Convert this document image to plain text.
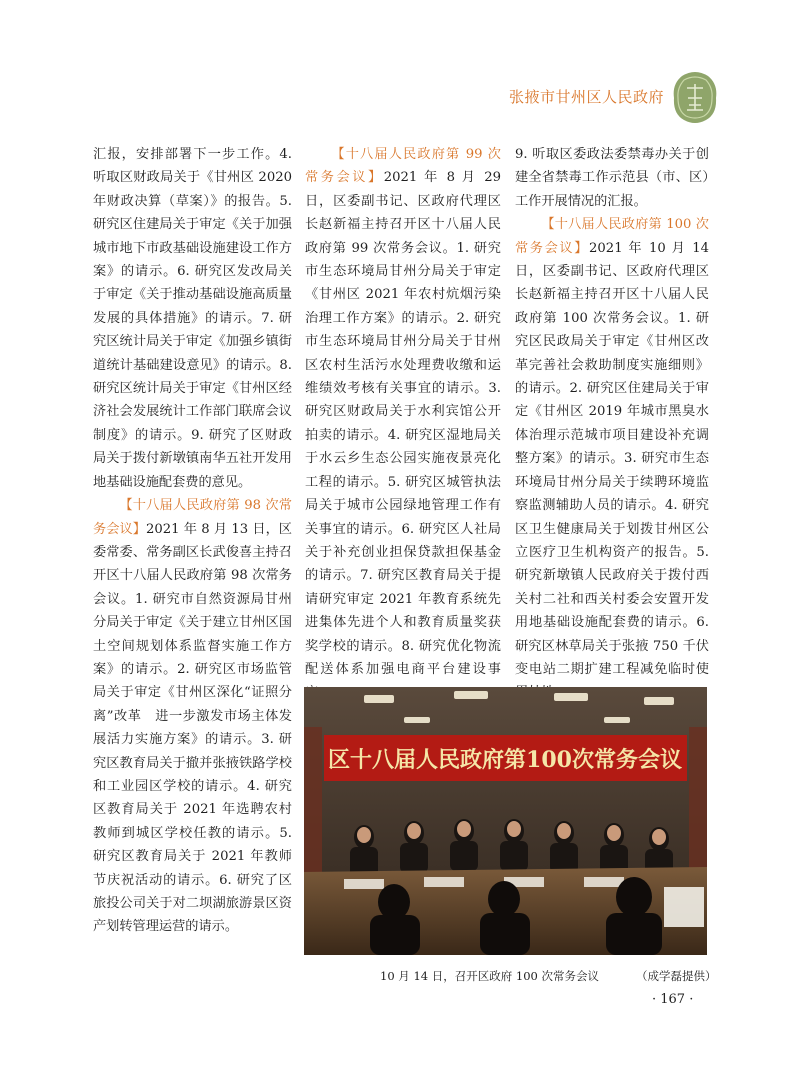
张掖市甘州区人民政府

汇报，安排部署下一步工作。4. 听取区财政局关于《甘州区 2020 年财政决算（草案）》的报告。5. 研究区住建局关于审定《关于加强城市地下市政基础设施建设工作方案》的请示。6. 研究区发改局关于审定《关于推动基础设施高质量发展的具体措施》的请示。7. 研究区统计局关于审定《加强乡镇街道统计基础建设意见》的请示。8. 研究区统计局关于审定《甘州区经济社会发展统计工作部门联席会议制度》的请示。9. 研究了区财政局关于拨付新墩镇南华五社开发用地基础设施配套费的意见。

【十八届人民政府第 98 次常务会议】2021 年 8 月 13 日，区委常委、常务副区长武俊喜主持召开区十八届人民政府第 98 次常务会议。1. 研究市自然资源局甘州分局关于审定《关于建立甘州区国土空间规划体系监督实施工作方案》的请示。2. 研究区市场监管局关于审定《甘州区深化“证照分离”改革　进一步激发市场主体发展活力实施方案》的请示。3. 研究区教育局关于撤并张掖铁路学校和工业园区学校的请示。4. 研究区教育局关于 2021 年选聘农村教师到城区学校任教的请示。5. 研究区教育局关于 2021 年教师节庆祝活动的请示。6. 研究了区旅投公司关于对二坝湖旅游景区资产划转管理运营的请示。

【十八届人民政府第 99 次常务会议】2021 年 8 月 29 日，区委副书记、区政府代理区长赵新福主持召开区十八届人民政府第 99 次常务会议。1. 研究市生态环境局甘州分局关于审定《甘州区 2021 年农村炕烟污染治理工作方案》的请示。2. 研究市生态环境局甘州分局关于甘州区农村生活污水处理费收缴和运维绩效考核有关事宜的请示。3. 研究区财政局关于水利宾馆公开拍卖的请示。4. 研究区湿地局关于水云乡生态公园实施夜景亮化工程的请示。5. 研究区城管执法局关于城市公园绿地管理工作有关事宜的请示。6. 研究区人社局关于补充创业担保贷款担保基金的请示。7. 研究区教育局关于提请研究审定 2021 年教育系统先进集体先进个人和教育质量奖获奖学校的请示。8. 研究优化物流配送体系加强电商平台建设事

9. 听取区委政法委禁毒办关于创建全省禁毒工作示范县（市、区）工作开展情况的汇报。

【十八届人民政府第 100 次常务会议】2021 年 10 月 14 日，区委副书记、区政府代理区长赵新福主持召开区十八届人民政府第 100 次常务会议。1. 研究区民政局关于审定《甘州区改革完善社会救助制度实施细则》的请示。2. 研究区住建局关于审定《甘州区 2019 年城市黑臭水体治理示范城市项目建设补充调整方案》的请示。3. 研究市生态环境局甘州分局关于续聘环境监察监测辅助人员的请示。4. 研究区卫生健康局关于划拨甘州区公立医疗卫生机构资产的报告。5. 研究新墩镇人民政府关于拨付西关村二社和西关村委会安置开发用地基础设施配套费的请示。6. 研究区林草局关于张掖 750 千伏变电站二期扩建工程减免临时使

区十八届人民政府第100次常务会议
10 月 14 日，召开区政府 100 次常务会议	（成学磊提供）
· 167 ·
